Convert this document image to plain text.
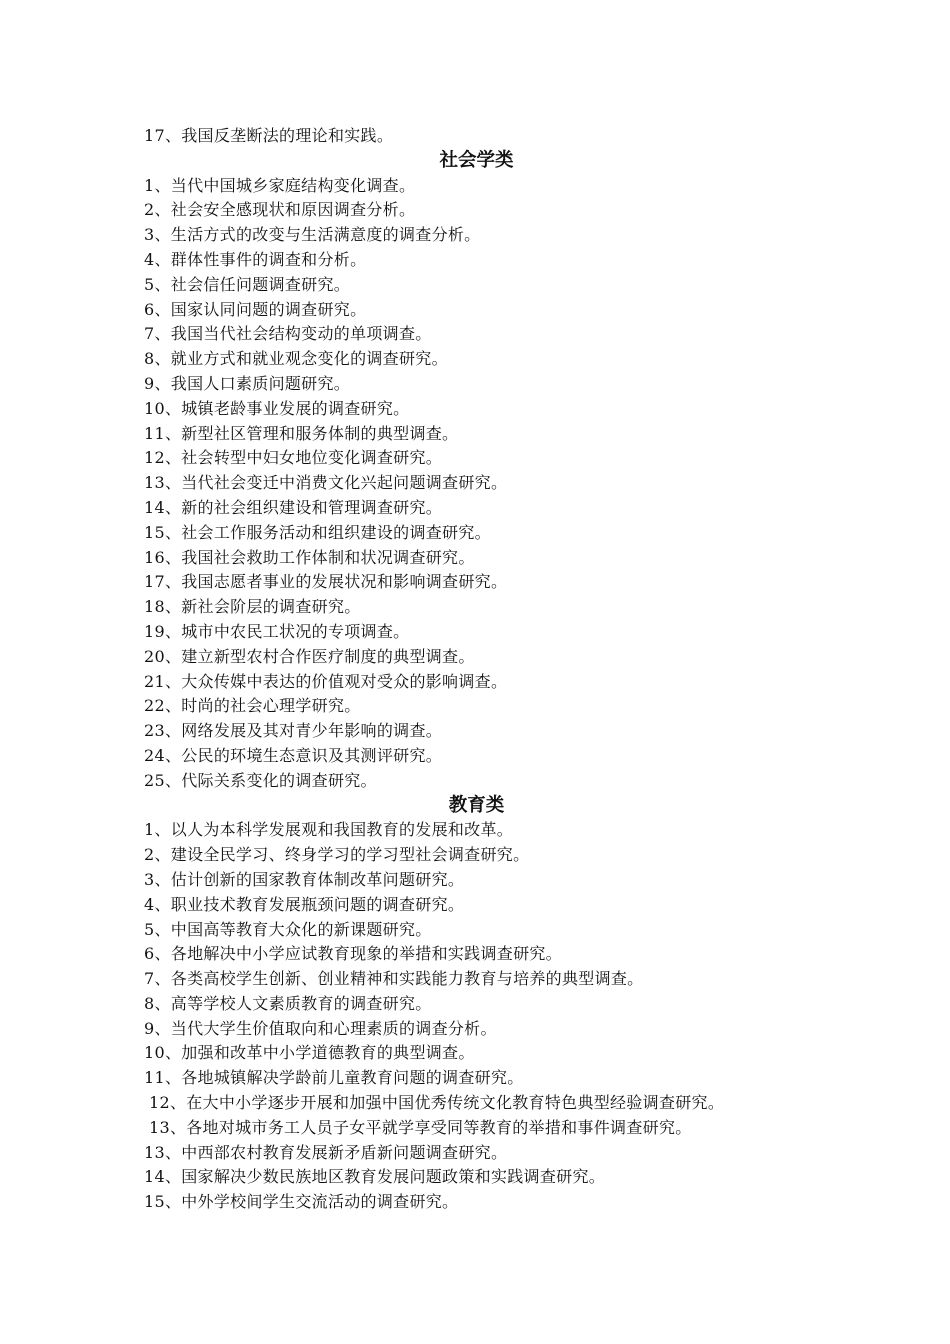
17、我国反垄断法的理论和实践。
社会学类
1、当代中国城乡家庭结构变化调查。
2、社会安全感现状和原因调查分析。
3、生活方式的改变与生活满意度的调查分析。
4、群体性事件的调查和分析。
5、社会信任问题调查研究。
6、国家认同问题的调查研究。
7、我国当代社会结构变动的单项调查。
8、就业方式和就业观念变化的调查研究。
9、我国人口素质问题研究。
10、城镇老龄事业发展的调查研究。
11、新型社区管理和服务体制的典型调查。
12、社会转型中妇女地位变化调查研究。
13、当代社会变迁中消费文化兴起问题调查研究。
14、新的社会组织建设和管理调查研究。
15、社会工作服务活动和组织建设的调查研究。
16、我国社会救助工作体制和状况调查研究。
17、我国志愿者事业的发展状况和影响调查研究。
18、新社会阶层的调查研究。
19、城市中农民工状况的专项调查。
20、建立新型农村合作医疗制度的典型调查。
21、大众传媒中表达的价值观对受众的影响调查。
22、时尚的社会心理学研究。
23、网络发展及其对青少年影响的调查。
24、公民的环境生态意识及其测评研究。
25、代际关系变化的调查研究。
教育类
1、以人为本科学发展观和我国教育的发展和改革。
2、建设全民学习、终身学习的学习型社会调查研究。
3、估计创新的国家教育体制改革问题研究。
4、职业技术教育发展瓶颈问题的调查研究。
5、中国高等教育大众化的新课题研究。
6、各地解决中小学应试教育现象的举措和实践调查研究。
7、各类高校学生创新、创业精神和实践能力教育与培养的典型调查。
8、高等学校人文素质教育的调查研究。
9、当代大学生价值取向和心理素质的调查分析。
10、加强和改革中小学道德教育的典型调查。
11、各地城镇解决学龄前儿童教育问题的调查研究。
12、在大中小学逐步开展和加强中国优秀传统文化教育特色典型经验调查研究。
13、各地对城市务工人员子女平就学享受同等教育的举措和事件调查研究。
13、中西部农村教育发展新矛盾新问题调查研究。
14、国家解决少数民族地区教育发展问题政策和实践调查研究。
15、中外学校间学生交流活动的调查研究。
